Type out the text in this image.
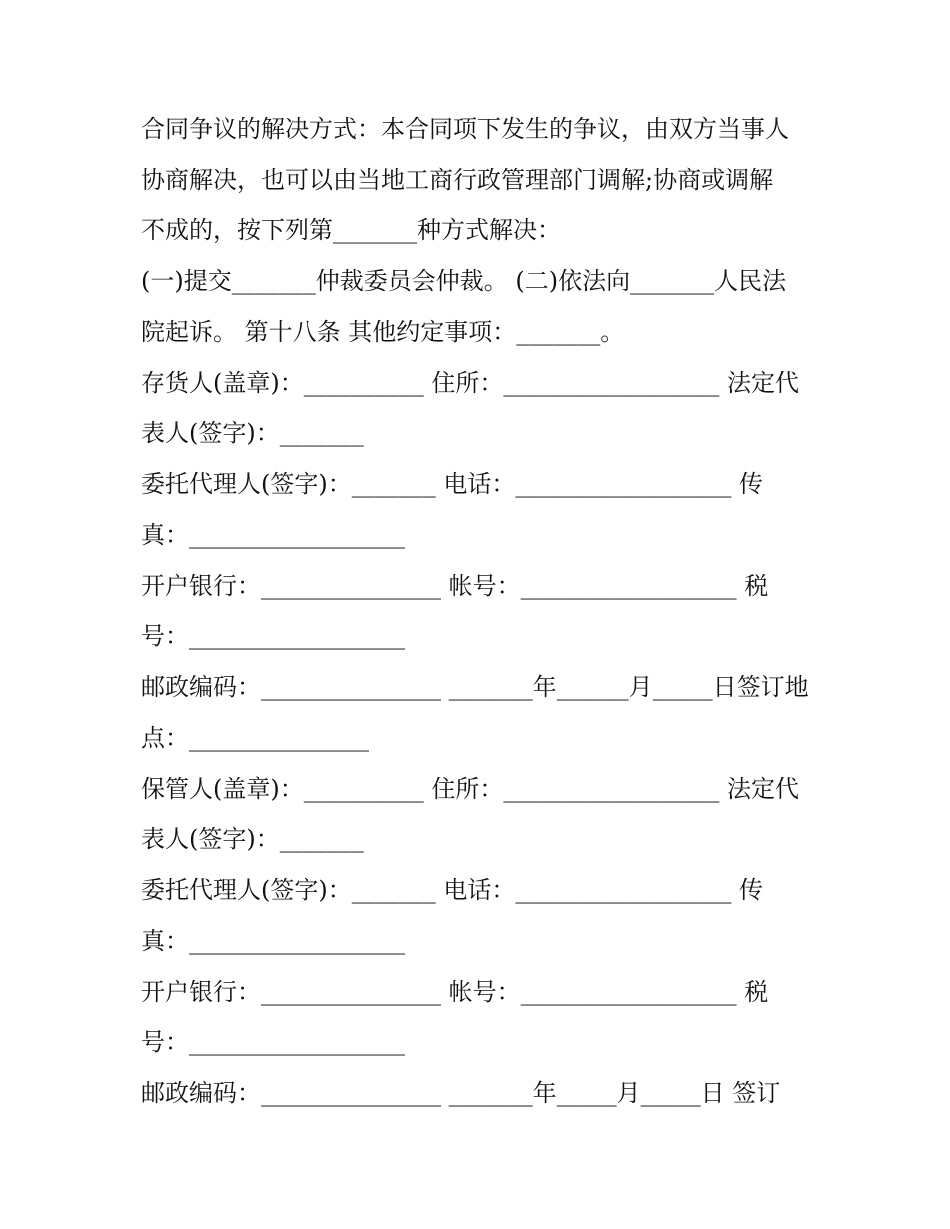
合同争议的解决方式：本合同项下发生的争议，由双方当事人

协商解决，也可以由当地工商行政管理部门调解;协商或调解

不成的，按下列第_______种方式解决：

(一)提交_______仲裁委员会仲裁。 (二)依法向_______人民法

院起诉。 第十八条 其他约定事项：_______。

存货人(盖章)：__________ 住所：__________________ 法定代

表人(签字)：_______

委托代理人(签字)：_______ 电话：__________________ 传

真：__________________

开户银行：_______________ 帐号：__________________ 税

号：__________________

邮政编码：_______________ _______年______月_____日签订地

点：_______________

保管人(盖章)：__________ 住所：__________________ 法定代

表人(签字)：_______

委托代理人(签字)：_______ 电话：__________________ 传

真：__________________

开户银行：_______________ 帐号：__________________ 税

号：__________________

邮政编码：_______________ _______年_____月_____日 签订
